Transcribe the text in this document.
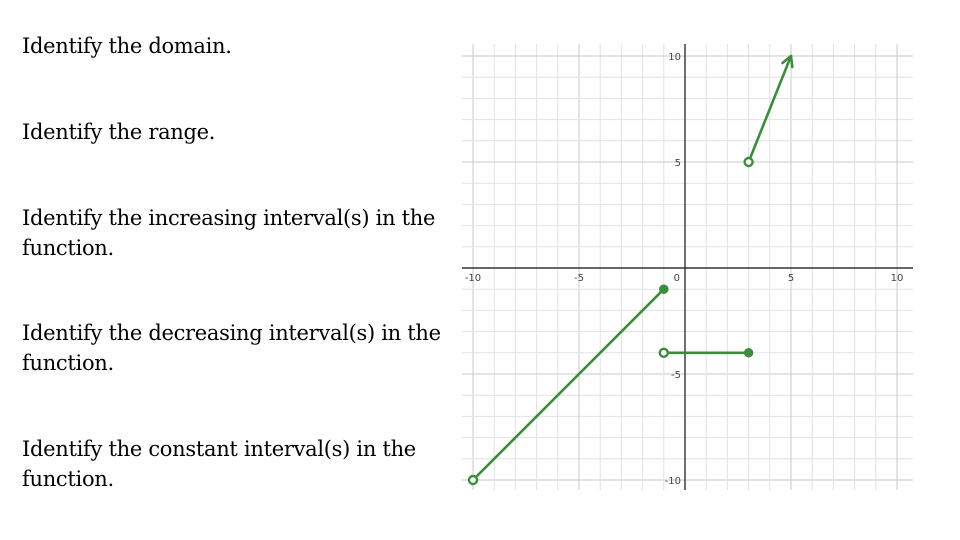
Identify the domain.
Identify the range.
Identify the increasing interval(s) in the function.
Identify the decreasing interval(s) in the function.
Identify the constant interval(s) in the function.
-10	-5	0	5	10
10
5
-5
-10
